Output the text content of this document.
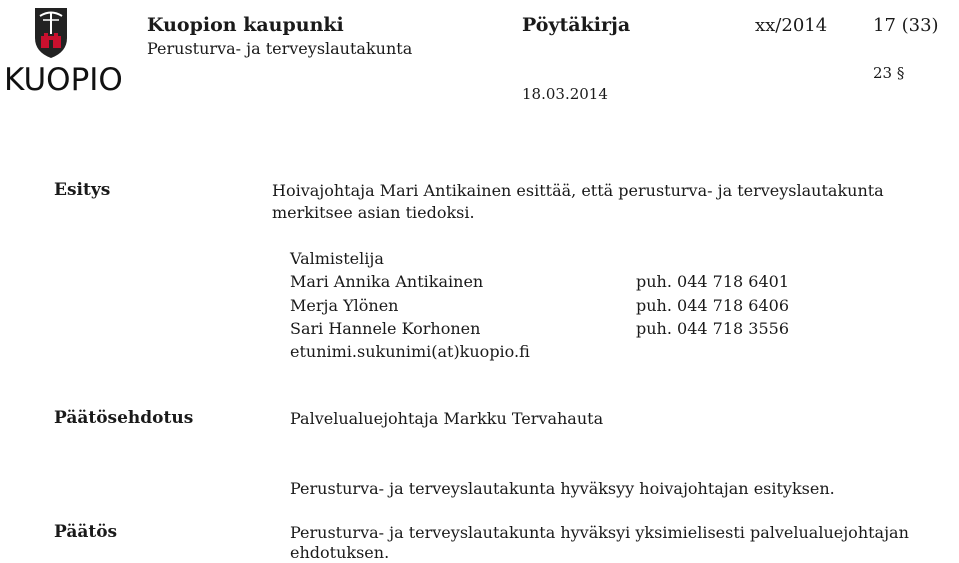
KUOPIO
Kuopion kaupunki
Perusturva- ja terveyslautakunta
Pöytäkirja	xx/2014	17 (33)
23 §
18.03.2014
Esitys	Hoivajohtaja Mari Antikainen esittää, että perusturva- ja terveyslautakunta
merkitsee asian tiedoksi.
Valmistelija
Mari Annika Antikainen	puh. 044 718 6401
Merja Ylönen	puh. 044 718 6406
Sari Hannele Korhonen	puh. 044 718 3556
etunimi.sukunimi(at)kuopio.fi
Päätösehdotus	Palvelualuejohtaja Markku Tervahauta
Perusturva- ja terveyslautakunta hyväksyy hoivajohtajan esityksen.
Päätös	Perusturva- ja terveyslautakunta hyväksyi yksimielisesti palvelualuejohtajan
ehdotuksen.
